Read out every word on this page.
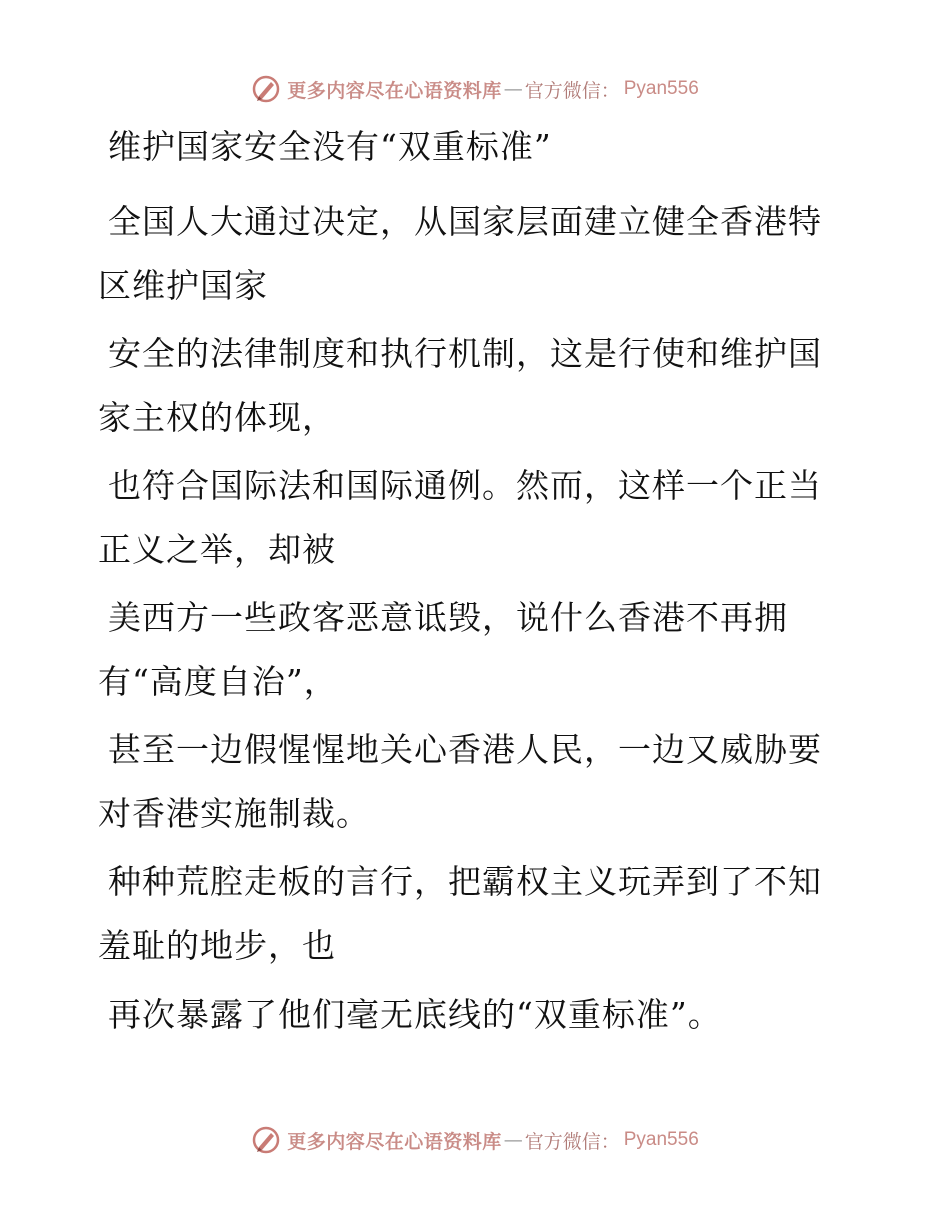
更多内容尽在心语资料库 — 官方微信： Pyan556
维护国家安全没有“双重标准”
全国人大通过决定，从国家层面建立健全香港特
区维护国家
安全的法律制度和执行机制，这是行使和维护国
家主权的体现，
也符合国际法和国际通例。然而，这样一个正当
正义之举，却被
美西方一些政客恶意诋毁，说什么香港不再拥
有“高度自治”，
甚至一边假惺惺地关心香港人民，一边又威胁要
对香港实施制裁。
种种荒腔走板的言行，把霸权主义玩弄到了不知
羞耻的地步，也
再次暴露了他们毫无底线的“双重标准”。
更多内容尽在心语资料库 — 官方微信： Pyan556
